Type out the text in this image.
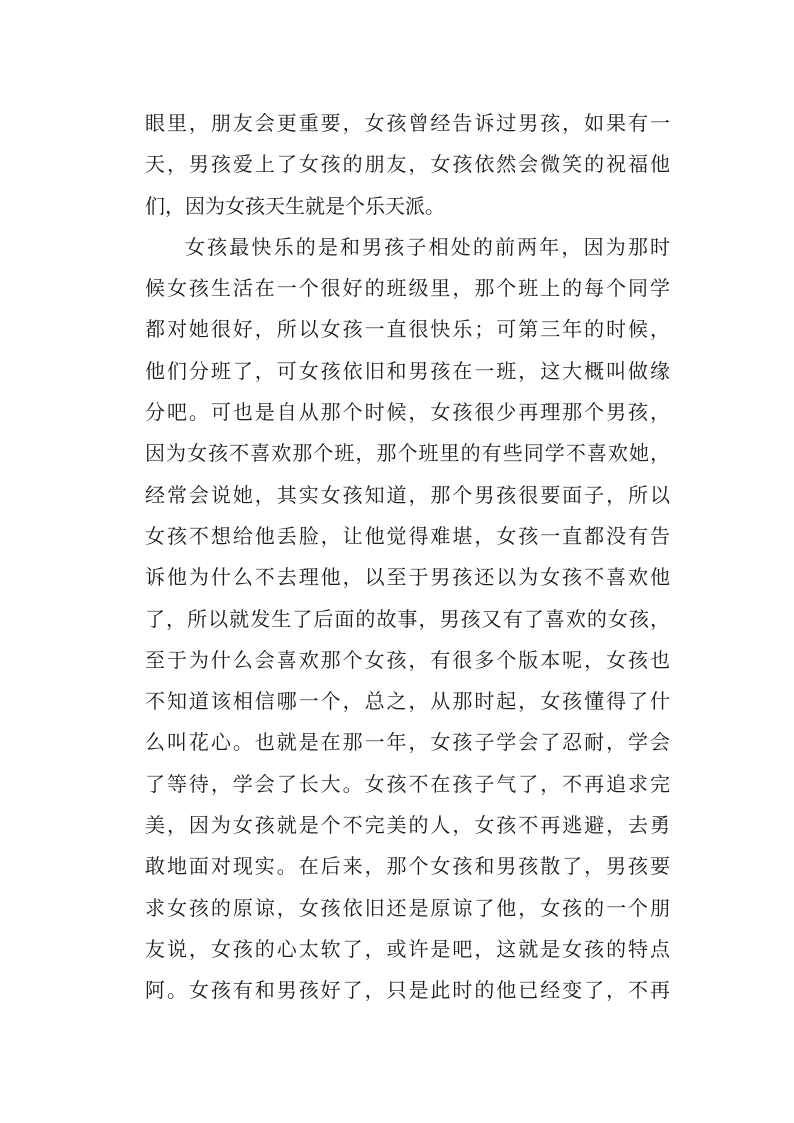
眼里，朋友会更重要，女孩曾经告诉过男孩，如果有一
天，男孩爱上了女孩的朋友，女孩依然会微笑的祝福他
们，因为女孩天生就是个乐天派。
女孩最快乐的是和男孩子相处的前两年，因为那时
候女孩生活在一个很好的班级里，那个班上的每个同学
都对她很好，所以女孩一直很快乐；可第三年的时候，
他们分班了，可女孩依旧和男孩在一班，这大概叫做缘
分吧。可也是自从那个时候，女孩很少再理那个男孩，
因为女孩不喜欢那个班，那个班里的有些同学不喜欢她，
经常会说她，其实女孩知道，那个男孩很要面子，所以
女孩不想给他丢脸，让他觉得难堪，女孩一直都没有告
诉他为什么不去理他，以至于男孩还以为女孩不喜欢他
了，所以就发生了后面的故事，男孩又有了喜欢的女孩，
至于为什么会喜欢那个女孩，有很多个版本呢，女孩也
不知道该相信哪一个，总之，从那时起，女孩懂得了什
么叫花心。也就是在那一年，女孩子学会了忍耐，学会
了等待，学会了长大。女孩不在孩子气了，不再追求完
美，因为女孩就是个不完美的人，女孩不再逃避，去勇
敢地面对现实。在后来，那个女孩和男孩散了，男孩要
求女孩的原谅，女孩依旧还是原谅了他，女孩的一个朋
友说，女孩的心太软了，或许是吧，这就是女孩的特点
阿。女孩有和男孩好了，只是此时的他已经变了，不再
